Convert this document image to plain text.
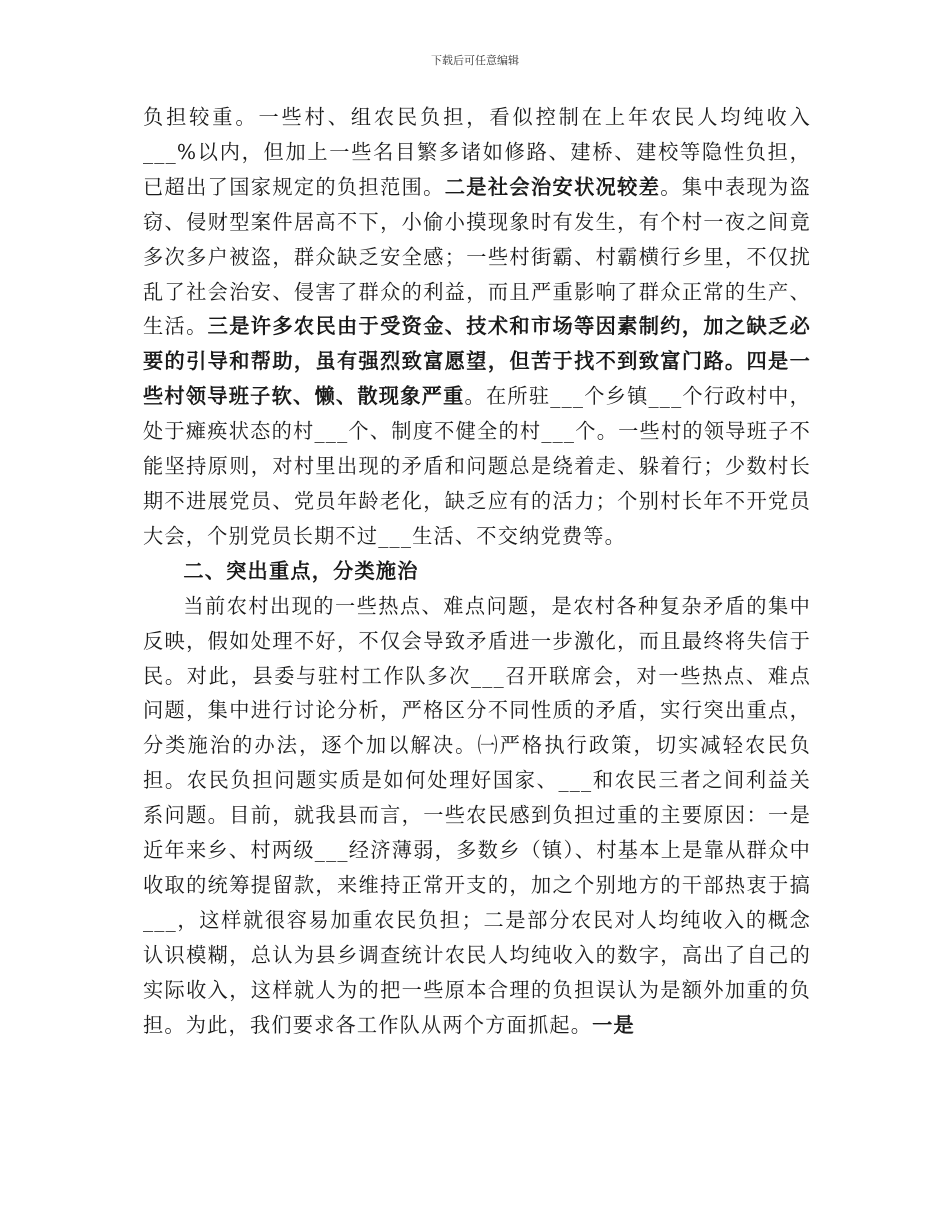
下载后可任意编辑

负担较重。一些村、组农民负担，看似控制在上年农民人均纯收入___%以内，但加上一些名目繁多诸如修路、建桥、建校等隐性负担，已超出了国家规定的负担范围。二是社会治安状况较差。集中表现为盗窃、侵财型案件居高不下，小偷小摸现象时有发生，有个村一夜之间竟多次多户被盗，群众缺乏安全感；一些村街霸、村霸横行乡里，不仅扰乱了社会治安、侵害了群众的利益，而且严重影响了群众正常的生产、生活。三是许多农民由于受资金、技术和市场等因素制约，加之缺乏必要的引导和帮助，虽有强烈致富愿望，但苦于找不到致富门路。四是一些村领导班子软、懒、散现象严重。在所驻___个乡镇___个行政村中，处于瘫痪状态的村___个、制度不健全的村___个。一些村的领导班子不能坚持原则，对村里出现的矛盾和问题总是绕着走、躲着行；少数村长期不进展党员、党员年龄老化，缺乏应有的活力；个别村长年不开党员大会，个别党员长期不过___生活、不交纳党费等。

二、突出重点，分类施治

当前农村出现的一些热点、难点问题，是农村各种复杂矛盾的集中反映，假如处理不好，不仅会导致矛盾进一步激化，而且最终将失信于民。对此，县委与驻村工作队多次___召开联席会，对一些热点、难点问题，集中进行讨论分析，严格区分不同性质的矛盾，实行突出重点，分类施治的办法，逐个加以解决。㈠严格执行政策，切实减轻农民负担。农民负担问题实质是如何处理好国家、___和农民三者之间利益关系问题。目前，就我县而言，一些农民感到负担过重的主要原因：一是近年来乡、村两级___经济薄弱，多数乡（镇）、村基本上是靠从群众中收取的统筹提留款，来维持正常开支的，加之个别地方的干部热衷于搞___，这样就很容易加重农民负担；二是部分农民对人均纯收入的概念认识模糊，总认为县乡调查统计农民人均纯收入的数字，高出了自己的实际收入，这样就人为的把一些原本合理的负担误认为是额外加重的负担。为此，我们要求各工作队从两个方面抓起。一是
